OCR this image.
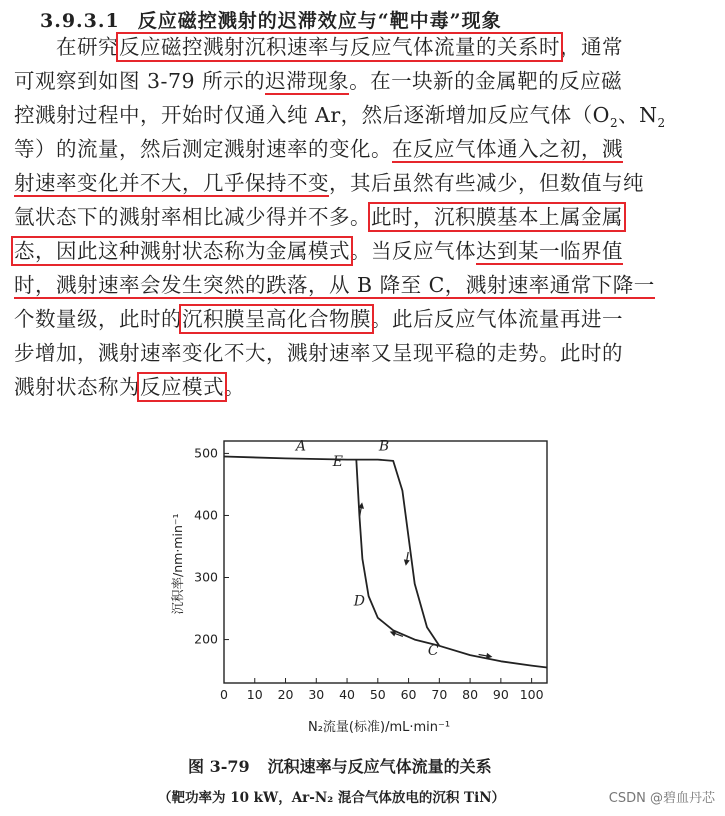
3.9.3.1 反应磁控溅射的迟滞效应与“靶中毒”现象
在研究反应磁控溅射沉积速率与反应气体流量的关系时，通常
可观察到如图 3-79 所示的迟滞现象。在一块新的金属靶的反应磁
控溅射过程中，开始时仅通入纯 Ar，然后逐渐增加反应气体（$O_2$、$N_2$
等）的流量，然后测定溅射速率的变化。在反应气体通入之初，溅
射速率变化并不大，几乎保持不变，其后虽然有些减少，但数值与纯
氩状态下的溅射率相比减少得并不多。此时，沉积膜基本上属金属
态，因此这种溅射状态称为金属模式。当反应气体达到某一临界值
时，溅射速率会发生突然的跌落，从 B 降至 C，溅射速率通常下降一
个数量级，此时的沉积膜呈高化合物膜。此后反应气体流量再进一
步增加，溅射速率变化不大，溅射速率又呈现平稳的走势。此时的
溅射状态称为反应模式。
0 10 20 30 40 50 60 70 80 90 100
200
300
400
500	A	B
E
D
C
沉积率/nm·min⁻¹
N₂流量(标准)/mL·min⁻¹
图 3-79 沉积速率与反应气体流量的关系
（靶功率为 10 kW，Ar-N₂ 混合气体放电的沉积 TiN）	CSDN @碧血丹芯
